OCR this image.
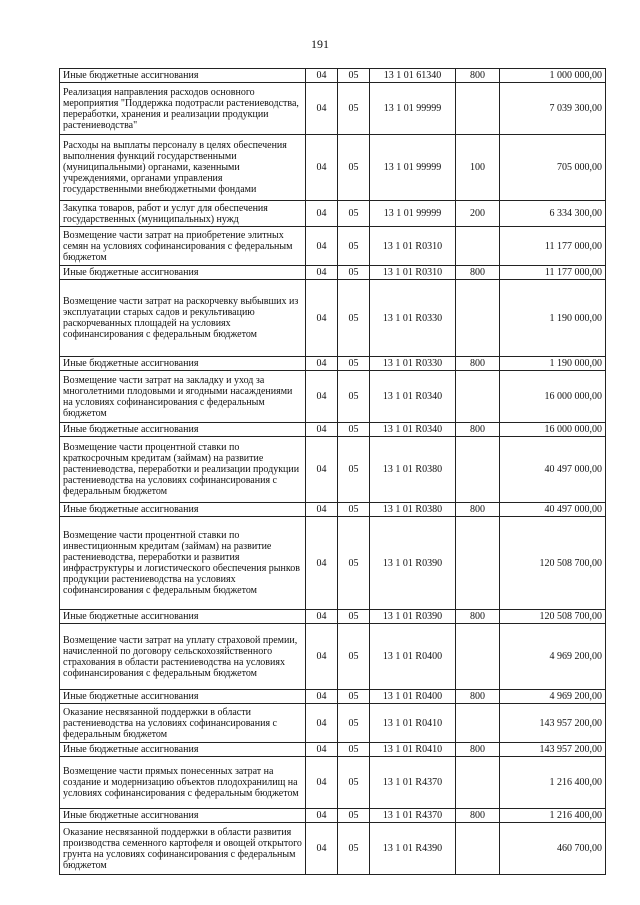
191
Иные бюджетные ассигнования	04	05	13 1 01 61340	800	1 000 000,00
Реализация направления расходов основного мероприятия "Поддержка подотрасли растениеводства, переработки, хранения и реализации продукции растениеводства"	04	05	13 1 01 99999		7 039 300,00
Расходы на выплаты персоналу в целях обеспечения выполнения функций государственными (муниципальными) органами, казенными учреждениями, органами управления государственными внебюджетными фондами	04	05	13 1 01 99999	100	705 000,00
Закупка товаров, работ и услуг для обеспечения государственных (муниципальных) нужд	04	05	13 1 01 99999	200	6 334 300,00
Возмещение части затрат на приобретение элитных семян на условиях софинансирования с федеральным бюджетом	04	05	13 1 01 R0310		11 177 000,00
Иные бюджетные ассигнования	04	05	13 1 01 R0310	800	11 177 000,00
Возмещение части затрат на раскорчевку выбывших из эксплуатации старых садов и рекультивацию раскорчеванных площадей на условиях софинансирования с федеральным бюджетом	04	05	13 1 01 R0330		1 190 000,00
Иные бюджетные ассигнования	04	05	13 1 01 R0330	800	1 190 000,00
Возмещение части затрат на закладку и уход за многолетними плодовыми и ягодными насаждениями на условиях софинансирования с федеральным бюджетом	04	05	13 1 01 R0340		16 000 000,00
Иные бюджетные ассигнования	04	05	13 1 01 R0340	800	16 000 000,00
Возмещение части процентной ставки по краткосрочным кредитам (займам) на развитие растениеводства, переработки и реализации продукции растениеводства на условиях софинансирования с федеральным бюджетом	04	05	13 1 01 R0380		40 497 000,00
Иные бюджетные ассигнования	04	05	13 1 01 R0380	800	40 497 000,00
Возмещение части процентной ставки по инвестиционным кредитам (займам) на развитие растениеводства, переработки и развития инфраструктуры и логистического обеспечения рынков продукции растениеводства на условиях софинансирования с федеральным бюджетом	04	05	13 1 01 R0390		120 508 700,00
Иные бюджетные ассигнования	04	05	13 1 01 R0390	800	120 508 700,00
Возмещение части затрат на уплату страховой премии, начисленной по договору сельскохозяйственного страхования в области растениеводства на условиях софинансирования с федеральным бюджетом	04	05	13 1 01 R0400		4 969 200,00
Иные бюджетные ассигнования	04	05	13 1 01 R0400	800	4 969 200,00
Оказание несвязанной поддержки в области растениеводства на условиях софинансирования с федеральным бюджетом	04	05	13 1 01 R0410		143 957 200,00
Иные бюджетные ассигнования	04	05	13 1 01 R0410	800	143 957 200,00
Возмещение части прямых понесенных затрат на создание и модернизацию объектов плодохранилищ на условиях софинансирования с федеральным бюджетом	04	05	13 1 01 R4370		1 216 400,00
Иные бюджетные ассигнования	04	05	13 1 01 R4370	800	1 216 400,00
Оказание несвязанной поддержки в области развития производства семенного картофеля и овощей открытого грунта на условиях софинансирования с федеральным бюджетом	04	05	13 1 01 R4390		460 700,00
